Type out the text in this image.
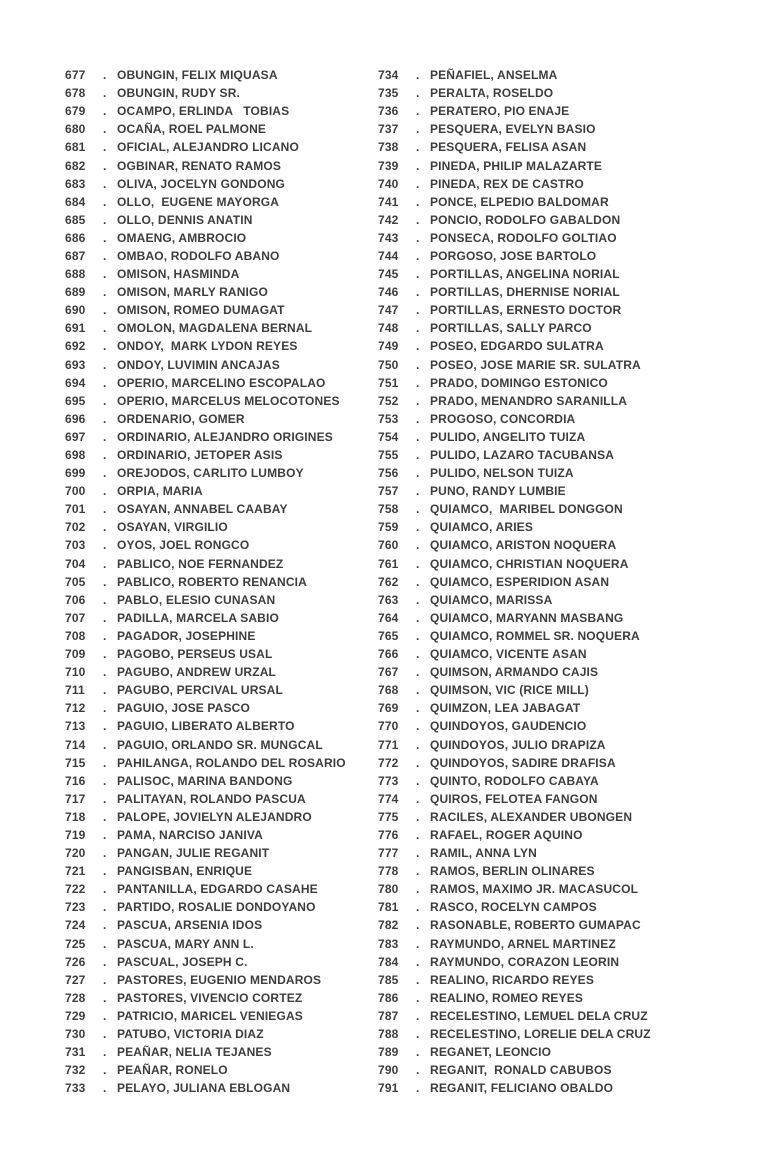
677	. OBUNGIN, FELIX MIQUASA
678	. OBUNGIN, RUDY SR.
679	. OCAMPO, ERLINDA   TOBIAS
680	. OCAÑA, ROEL PALMONE
681	. OFICIAL, ALEJANDRO LICANO
682	. OGBINAR, RENATO RAMOS
683	. OLIVA, JOCELYN GONDONG
684	. OLLO,  EUGENE MAYORGA
685	. OLLO, DENNIS ANATIN
686	. OMAENG, AMBROCIO
687	. OMBAO, RODOLFO ABANO
688	. OMISON, HASMINDA
689	. OMISON, MARLY RANIGO
690	. OMISON, ROMEO DUMAGAT
691	. OMOLON, MAGDALENA BERNAL
692	. ONDOY,  MARK LYDON REYES
693	. ONDOY, LUVIMIN ANCAJAS
694	. OPERIO, MARCELINO ESCOPALAO
695	. OPERIO, MARCELUS MELOCOTONES
696	. ORDENARIO, GOMER
697	. ORDINARIO, ALEJANDRO ORIGINES
698	. ORDINARIO, JETOPER ASIS
699	. OREJODOS, CARLITO LUMBOY
700	. ORPIA, MARIA
701	. OSAYAN, ANNABEL CAABAY
702	. OSAYAN, VIRGILIO
703	. OYOS, JOEL RONGCO
704	. PABLICO, NOE FERNANDEZ
705	. PABLICO, ROBERTO RENANCIA
706	. PABLO, ELESIO CUNASAN
707	. PADILLA, MARCELA SABIO
708	. PAGADOR, JOSEPHINE
709	. PAGOBO, PERSEUS USAL
710	. PAGUBO, ANDREW URZAL
711	. PAGUBO, PERCIVAL URSAL
712	. PAGUIO, JOSE PASCO
713	. PAGUIO, LIBERATO ALBERTO
714	. PAGUIO, ORLANDO SR. MUNGCAL
715	. PAHILANGA, ROLANDO DEL ROSARIO
716	. PALISOC, MARINA BANDONG
717	. PALITAYAN, ROLANDO PASCUA
718	. PALOPE, JOVIELYN ALEJANDRO
719	. PAMA, NARCISO JANIVA
720	. PANGAN, JULIE REGANIT
721	. PANGISBAN, ENRIQUE
722	. PANTANILLA, EDGARDO CASAHE
723	. PARTIDO, ROSALIE DONDOYANO
724	. PASCUA, ARSENIA IDOS
725	. PASCUA, MARY ANN L.
726	. PASCUAL, JOSEPH C.
727	. PASTORES, EUGENIO MENDAROS
728	. PASTORES, VIVENCIO CORTEZ
729	. PATRICIO, MARICEL VENIEGAS
730	. PATUBO, VICTORIA DIAZ
731	. PEAÑAR, NELIA TEJANES
732	. PEAÑAR, RONELO
733	. PELAYO, JULIANA EBLOGAN
734	. PEÑAFIEL, ANSELMA
735	. PERALTA, ROSELDO
736	. PERATERO, PIO ENAJE
737	. PESQUERA, EVELYN BASIO
738	. PESQUERA, FELISA ASAN
739	. PINEDA, PHILIP MALAZARTE
740	. PINEDA, REX DE CASTRO
741	. PONCE, ELPEDIO BALDOMAR
742	. PONCIO, RODOLFO GABALDON
743	. PONSECA, RODOLFO GOLTIAO
744	. PORGOSO, JOSE BARTOLO
745	. PORTILLAS, ANGELINA NORIAL
746	. PORTILLAS, DHERNISE NORIAL
747	. PORTILLAS, ERNESTO DOCTOR
748	. PORTILLAS, SALLY PARCO
749	. POSEO, EDGARDO SULATRA
750	. POSEO, JOSE MARIE SR. SULATRA
751	. PRADO, DOMINGO ESTONICO
752	. PRADO, MENANDRO SARANILLA
753	. PROGOSO, CONCORDIA
754	. PULIDO, ANGELITO TUIZA
755	. PULIDO, LAZARO TACUBANSA
756	. PULIDO, NELSON TUIZA
757	. PUNO, RANDY LUMBIE
758	. QUIAMCO,  MARIBEL DONGGON
759	. QUIAMCO, ARIES
760	. QUIAMCO, ARISTON NOQUERA
761	. QUIAMCO, CHRISTIAN NOQUERA
762	. QUIAMCO, ESPERIDION ASAN
763	. QUIAMCO, MARISSA
764	. QUIAMCO, MARYANN MASBANG
765	. QUIAMCO, ROMMEL SR. NOQUERA
766	. QUIAMCO, VICENTE ASAN
767	. QUIMSON, ARMANDO CAJIS
768	. QUIMSON, VIC (RICE MILL)
769	. QUIMZON, LEA JABAGAT
770	. QUINDOYOS, GAUDENCIO
771	. QUINDOYOS, JULIO DRAPIZA
772	. QUINDOYOS, SADIRE DRAFISA
773	. QUINTO, RODOLFO CABAYA
774	. QUIROS, FELOTEA FANGON
775	. RACILES, ALEXANDER UBONGEN
776	. RAFAEL, ROGER AQUINO
777	. RAMIL, ANNA LYN
778	. RAMOS, BERLIN OLINARES
780	. RAMOS, MAXIMO JR. MACASUCOL
781	. RASCO, ROCELYN CAMPOS
782	. RASONABLE, ROBERTO GUMAPAC
783	. RAYMUNDO, ARNEL MARTINEZ
784	. RAYMUNDO, CORAZON LEORIN
785	. REALINO, RICARDO REYES
786	. REALINO, ROMEO REYES
787	. RECELESTINO, LEMUEL DELA CRUZ
788	. RECELESTINO, LORELIE DELA CRUZ
789	. REGANET, LEONCIO
790	. REGANIT,  RONALD CABUBOS
791	. REGANIT, FELICIANO OBALDO
